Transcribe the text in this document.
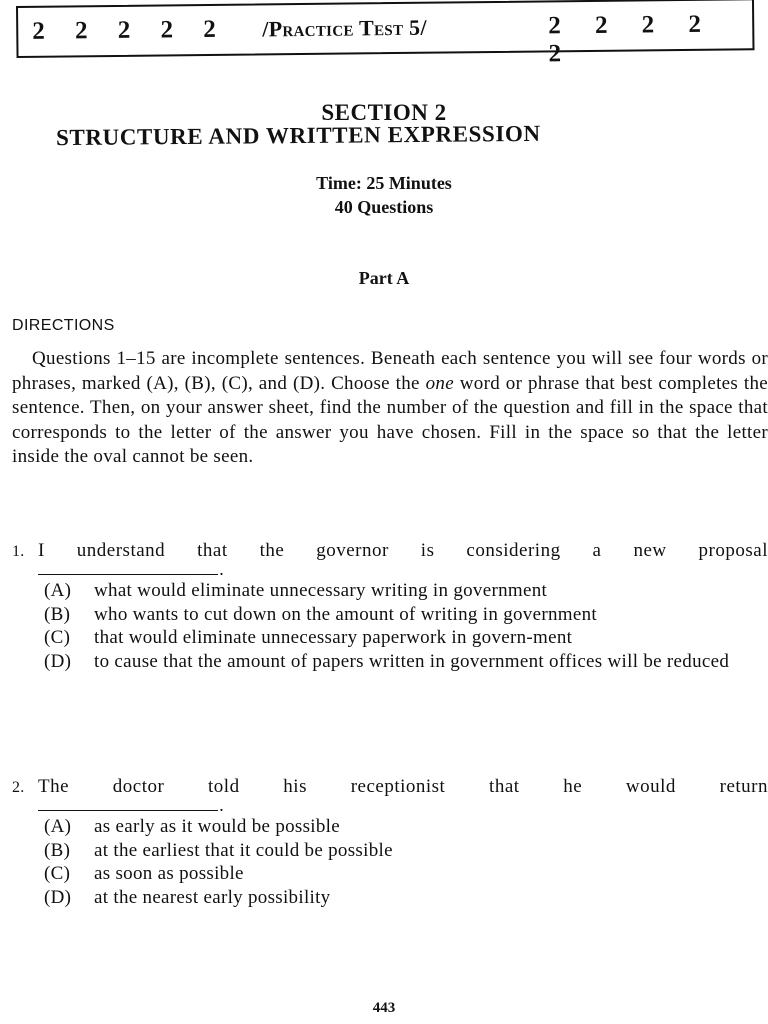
2 2 2 2 2 /Practice Test 5/	2 2 2 2 2
SECTION 2
STRUCTURE AND WRITTEN EXPRESSION
Time: 25 Minutes
40 Questions
Part A
DIRECTIONS
Questions 1–15 are incomplete sentences. Beneath each sentence you will see four words or phrases, marked (A), (B), (C), and (D). Choose the one word or phrase that best completes the sentence. Then, on your answer sheet, find the number of the question and fill in the space that corresponds to the letter of the answer you have chosen. Fill in the space so that the letter inside the oval cannot be seen.
1. I understand that the governor is considering a new proposal
.
(A)	what would eliminate unnecessary writing in government
(B)	who wants to cut down on the amount of writing in government
(C)	that would eliminate unnecessary paperwork in govern-ment
(D)	to cause that the amount of papers written in government offices will be reduced
2. The doctor told his receptionist that he would return
.
(A)	as early as it would be possible
(B)	at the earliest that it could be possible
(C)	as soon as possible
(D)	at the nearest early possibility
443
